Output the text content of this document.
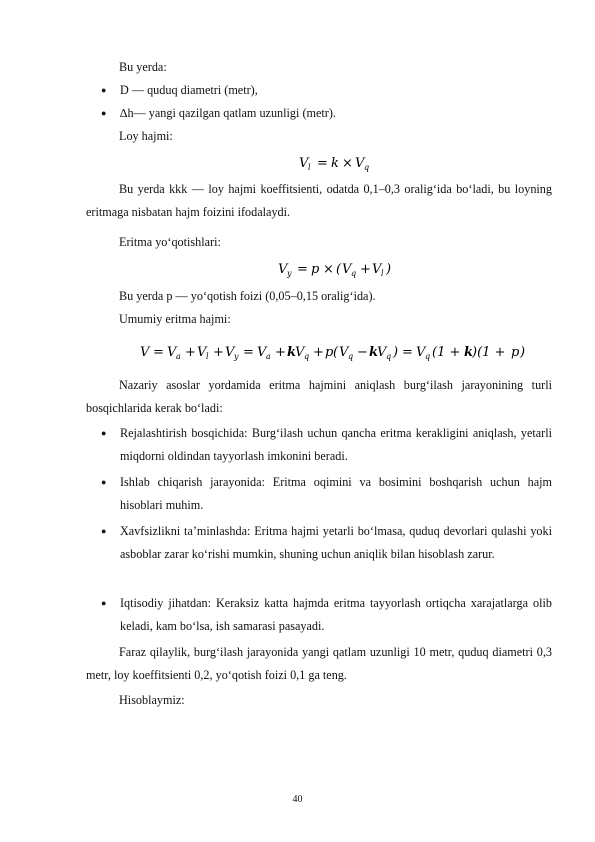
Bu yerda:

● D — quduq diametri (metr),

● ∆h— yangi qazilgan qatlam uzunligi (metr).

Loy hajmi:

V l = k × V q

Bu yerda kkk — loy hajmi koeffitsienti, odatda 0,1–0,3 oralig‘ida bo‘ladi, bu loyning eritmaga nisbatan hajm foizini ifodalaydi.

Eritma yo‘qotishlari:

V y = p × ( V q + V l )

Bu yerda p — yo‘qotish foizi (0,05–0,15 oralig‘ida).

Umumiy eritma hajmi:

V = V a + V l + V y = V a + k
V q + p ( V q − k
V q ) = V q (1 + k
)(1 + p )

Nazariy asoslar yordamida eritma hajmini aniqlash burg‘ilash jarayonining turli bosqichlarida kerak bo‘ladi:

● Rejalashtirish bosqichida: Burg‘ilash uchun qancha eritma kerakligini aniqlash, yetarli miqdorni oldindan tayyorlash imkonini beradi.

● Ishlab chiqarish jarayonida: Eritma oqimini va bosimini boshqarish uchun hajm hisoblari muhim.

● Xavfsizlikni ta’minlashda: Eritma hajmi yetarli bo‘lmasa, quduq devorlari qulashi yoki asboblar zarar ko‘rishi mumkin, shuning uchun aniqlik bilan hisoblash zarur.

● Iqtisodiy jihatdan: Keraksiz katta hajmda eritma tayyorlash ortiqcha xarajatlarga olib keladi, kam bo‘lsa, ish samarasi pasayadi.

Faraz qilaylik, burg‘ilash jarayonida yangi qatlam uzunligi 10 metr, quduq diametri 0,3 metr, loy koeffitsienti 0,2, yo‘qotish foizi 0,1 ga teng.

Hisoblaymiz:

40
